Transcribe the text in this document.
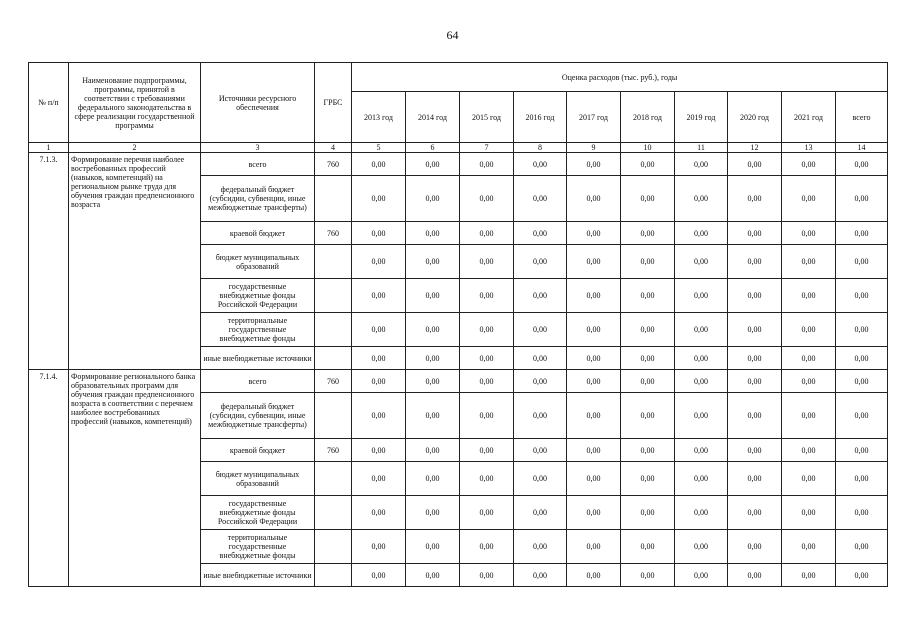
64
№ п/п	Наименование подпрограммы, программы, принятой в соответствии с требованиями федерального законодательства в сфере реализации государственной программы	Источники ресурсного обеспечения	ГРБС	Оценка расходов (тыс. руб.), годы									
				2013 год	2014 год	2015 год	2016 год	2017 год	2018 год	2019 год	2020 год	2021 год	всего
1	2	3	4	5	6	7	8	9	10	11	12	13	14
7.1.3.	Формирование перечня наиболее востребованных профессий (навыков, компетенций) на региональном рынке труда для обучения граждан предпенсионного возраста	всего	760	0,00	0,00	0,00	0,00	0,00	0,00	0,00	0,00	0,00	0,00
		федеральный бюджет (субсидии, субвенции, иные межбюджетные трансферты)		0,00	0,00	0,00	0,00	0,00	0,00	0,00	0,00	0,00	0,00
		краевой бюджет	760	0,00	0,00	0,00	0,00	0,00	0,00	0,00	0,00	0,00	0,00
		бюджет муниципальных образований		0,00	0,00	0,00	0,00	0,00	0,00	0,00	0,00	0,00	0,00
		государственные внебюджетные фонды Российской Федерации		0,00	0,00	0,00	0,00	0,00	0,00	0,00	0,00	0,00	0,00
		территориальные государственные внебюджетные фонды		0,00	0,00	0,00	0,00	0,00	0,00	0,00	0,00	0,00	0,00
		иные внебюджетные источники		0,00	0,00	0,00	0,00	0,00	0,00	0,00	0,00	0,00	0,00
7.1.4.	Формирование регионального банка образовательных программ для обучения граждан предпенсионного возраста в соответствии с перечнем наиболее востребованных профессий (навыков, компетенций)	всего	760	0,00	0,00	0,00	0,00	0,00	0,00	0,00	0,00	0,00	0,00
		федеральный бюджет (субсидии, субвенции, иные межбюджетные трансферты)		0,00	0,00	0,00	0,00	0,00	0,00	0,00	0,00	0,00	0,00
		краевой бюджет	760	0,00	0,00	0,00	0,00	0,00	0,00	0,00	0,00	0,00	0,00
		бюджет муниципальных образований		0,00	0,00	0,00	0,00	0,00	0,00	0,00	0,00	0,00	0,00
		государственные внебюджетные фонды Российской Федерации		0,00	0,00	0,00	0,00	0,00	0,00	0,00	0,00	0,00	0,00
		территориальные государственные внебюджетные фонды		0,00	0,00	0,00	0,00	0,00	0,00	0,00	0,00	0,00	0,00
		иные внебюджетные источники		0,00	0,00	0,00	0,00	0,00	0,00	0,00	0,00	0,00	0,00
